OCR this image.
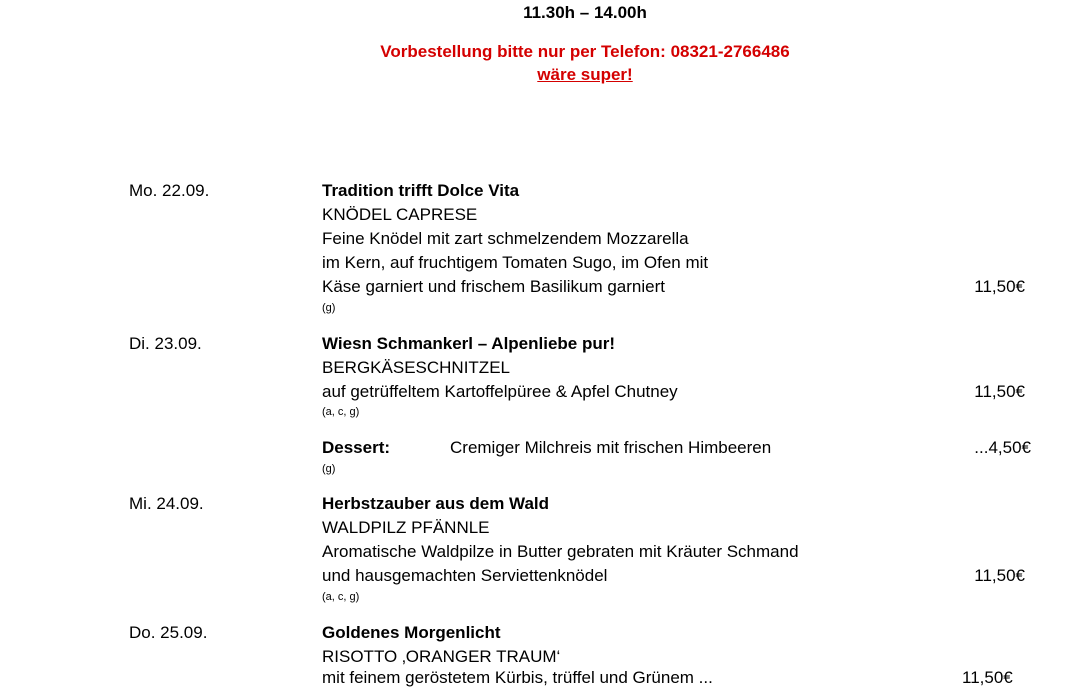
11.30h – 14.00h
Vorbestellung bitte nur per Telefon: 08321-2766486
wäre super!
Mo. 22.09.	Tradition trifft Dolce Vita
KNÖDEL CAPRESE
Feine Knödel mit zart schmelzendem Mozzarella
im Kern, auf fruchtigem Tomaten Sugo, im Ofen mit
Käse garniert und frischem Basilikum garniert	11,50€
(g)
Di. 23.09.	Wiesn Schmankerl – Alpenliebe pur!
BERGKÄSESCHNITZEL
auf getrüffeltem Kartoffelpüree & Apfel Chutney	11,50€
(a, c, g)
Dessert:	Cremiger Milchreis mit frischen Himbeeren	...4,50€
(g)
Mi. 24.09.	Herbstzauber aus dem Wald
WALDPILZ PFÄNNLE
Aromatische Waldpilze in Butter gebraten mit Kräuter Schmand
und hausgemachten Serviettenknödel	11,50€
(a, c, g)
Do. 25.09.	Goldenes Morgenlicht
RISOTTO ‚ORANGER TRAUM‘
mit feinem geröstetem Kürbis, trüffel und Grünem ...	11,50€
